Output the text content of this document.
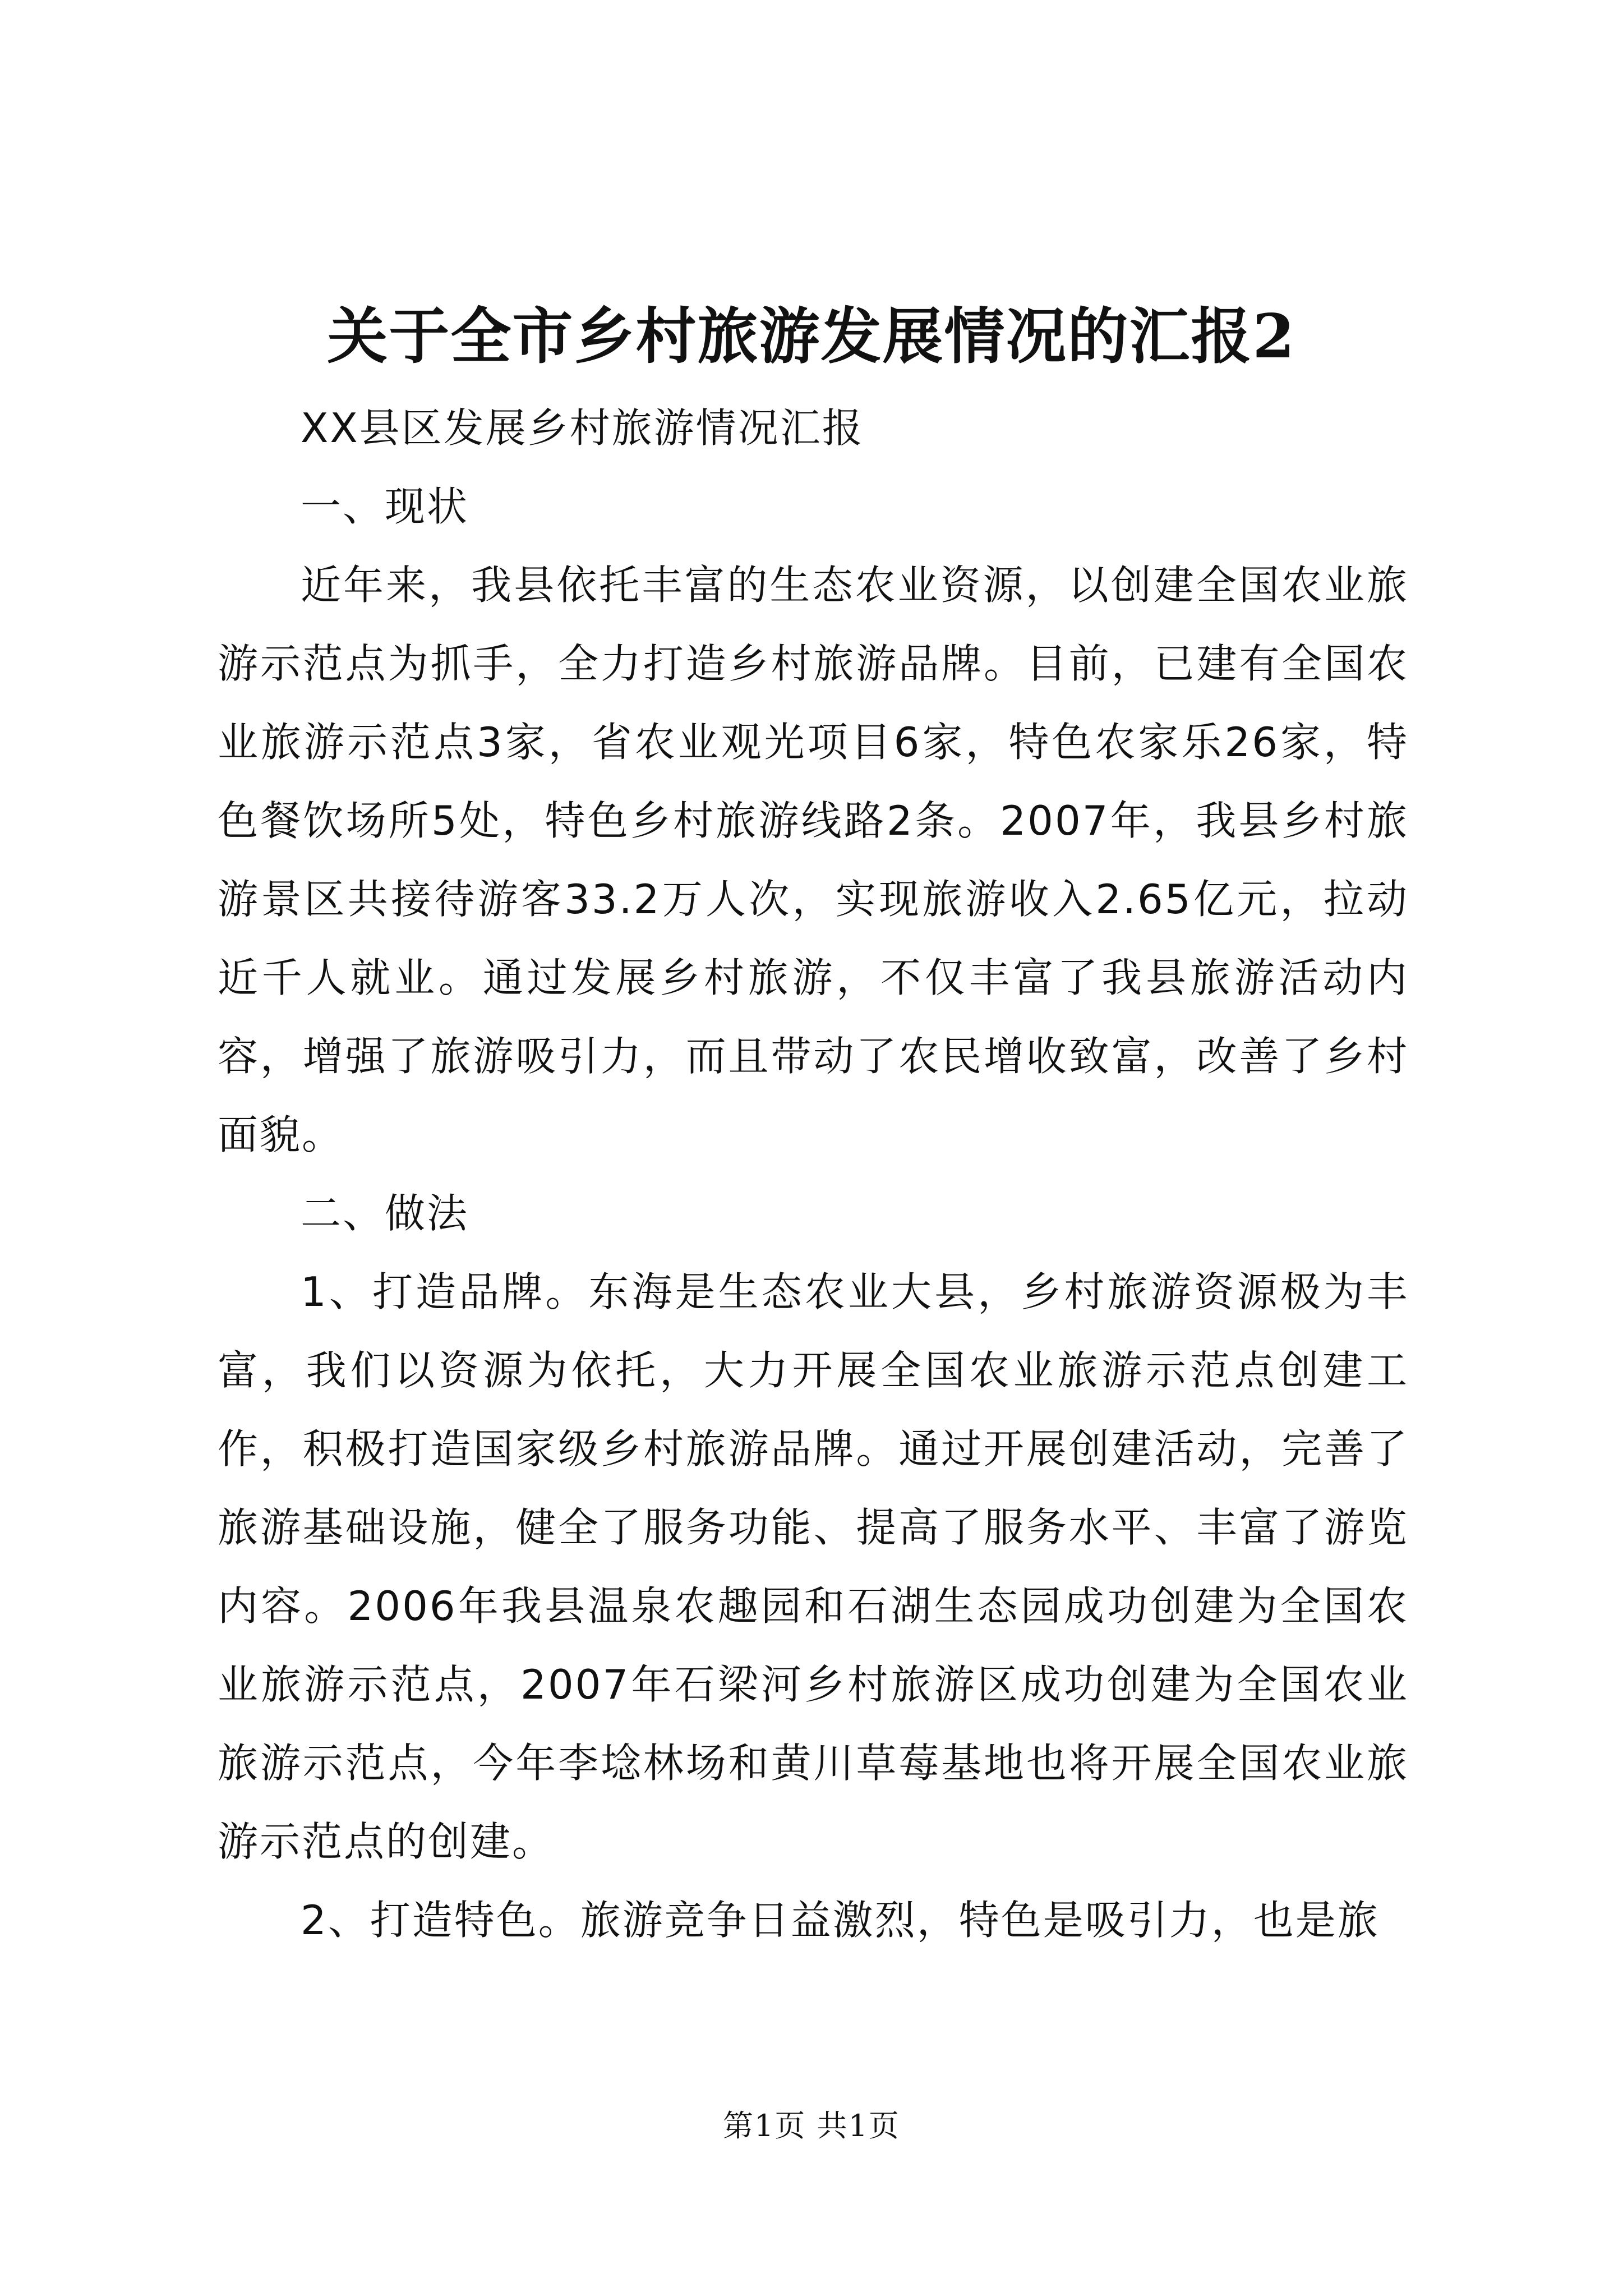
关于全市乡村旅游发展情况的汇报2

XX县区发展乡村旅游情况汇报

一、现状

近年来，我县依托丰富的生态农业资源，以创建全国农业旅游示范点为抓手，全力打造乡村旅游品牌。目前，已建有全国农业旅游示范点3家，省农业观光项目6家，特色农家乐26家，特色餐饮场所5处，特色乡村旅游线路2条。2007年，我县乡村旅游景区共接待游客33.2万人次，实现旅游收入2.65亿元，拉动近千人就业。通过发展乡村旅游，不仅丰富了我县旅游活动内容，增强了旅游吸引力，而且带动了农民增收致富，改善了乡村面貌。

二、做法

1、打造品牌。东海是生态农业大县，乡村旅游资源极为丰富，我们以资源为依托，大力开展全国农业旅游示范点创建工作，积极打造国家级乡村旅游品牌。通过开展创建活动，完善了旅游基础设施，健全了服务功能、提高了服务水平、丰富了游览内容。2006年我县温泉农趣园和石湖生态园成功创建为全国农业旅游示范点，2007年石梁河乡村旅游区成功创建为全国农业旅游示范点，今年李埝林场和黄川草莓基地也将开展全国农业旅游示范点的创建。

2、打造特色。旅游竞争日益激烈，特色是吸引力，也是旅

第1页 共1页
